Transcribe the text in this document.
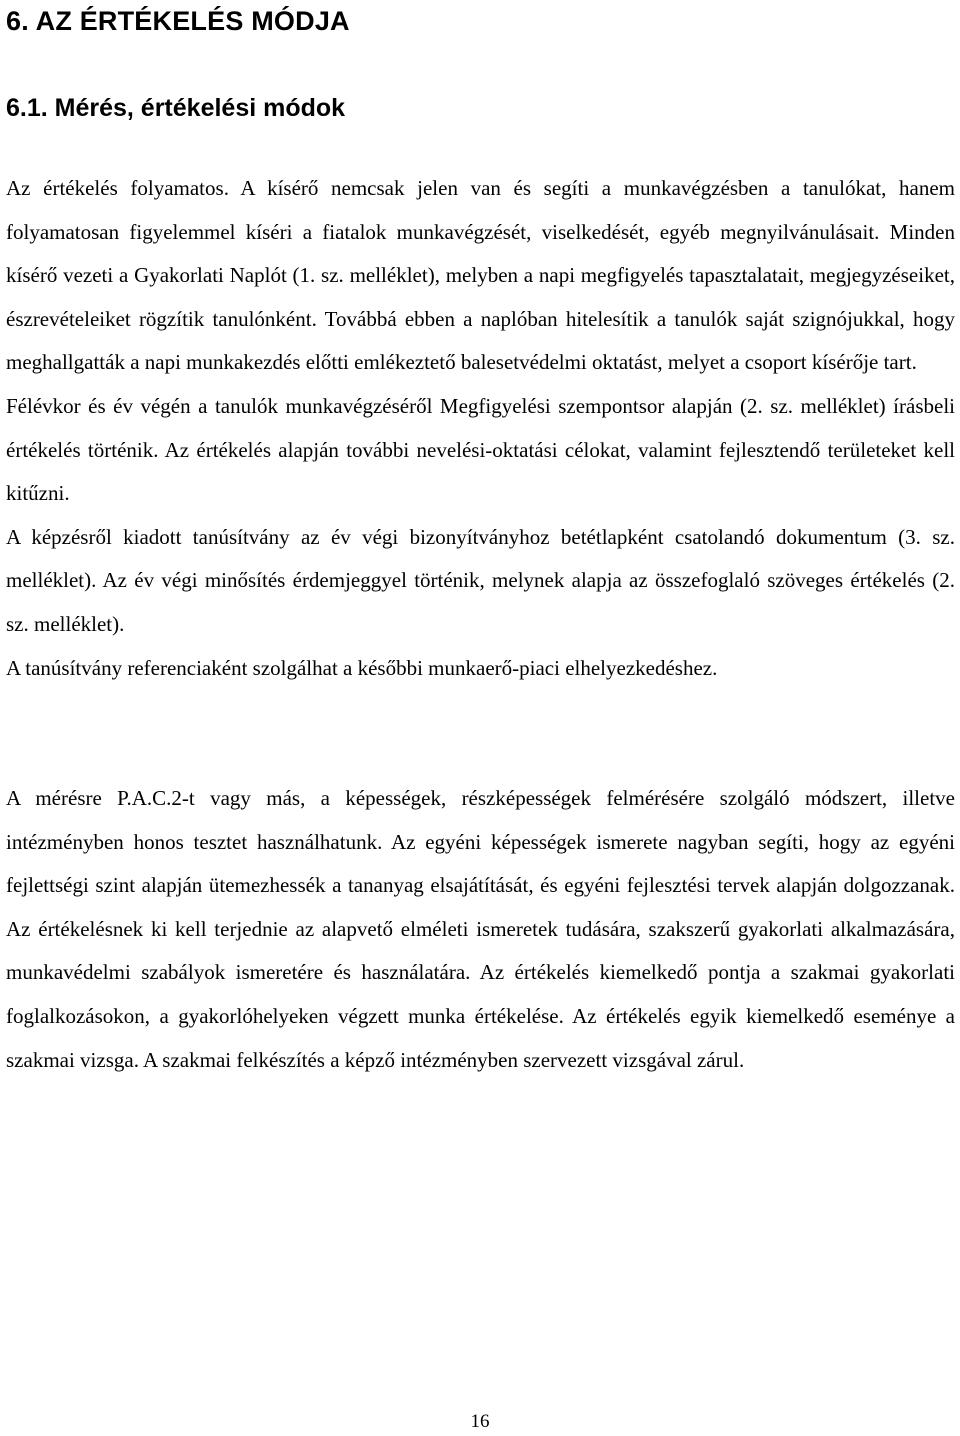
6. AZ ÉRTÉKELÉS MÓDJA
6.1. Mérés, értékelési módok

Az értékelés folyamatos. A kísérő nemcsak jelen van és segíti a munkavégzésben a tanulókat, hanem folyamatosan figyelemmel kíséri a fiatalok munkavégzését, viselkedését, egyéb megnyilvánulásait. Minden kísérő vezeti a Gyakorlati Naplót (1. sz. melléklet), melyben a napi megfigyelés tapasztalatait, megjegyzéseiket, észrevételeiket rögzítik tanulónként. Továbbá ebben a naplóban hitelesítik a tanulók saját szignójukkal, hogy meghallgatták a napi munkakezdés előtti emlékeztető balesetvédelmi oktatást, melyet a csoport kísérője tart.

Félévkor és év végén a tanulók munkavégzéséről Megfigyelési szempontsor alapján (2. sz. melléklet) írásbeli értékelés történik. Az értékelés alapján további nevelési-oktatási célokat, valamint fejlesztendő területeket kell kitűzni.

A képzésről kiadott tanúsítvány az év végi bizonyítványhoz betétlapként csatolandó dokumentum (3. sz. melléklet). Az év végi minősítés érdemjeggyel történik, melynek alapja az összefoglaló szöveges értékelés (2. sz. melléklet).

A tanúsítvány referenciaként szolgálhat a későbbi munkaerő-piaci elhelyezkedéshez.

A mérésre P.A.C.2-t vagy más, a képességek, részképességek felmérésére szolgáló módszert, illetve intézményben honos tesztet használhatunk. Az egyéni képességek ismerete nagyban segíti, hogy az egyéni fejlettségi szint alapján ütemezhessék a tananyag elsajátítását, és egyéni fejlesztési tervek alapján dolgozzanak. Az értékelésnek ki kell terjednie az alapvető elméleti ismeretek tudására, szakszerű gyakorlati alkalmazására, munkavédelmi szabályok ismeretére és használatára. Az értékelés kiemelkedő pontja a szakmai gyakorlati foglalkozásokon, a gyakorlóhelyeken végzett munka értékelése. Az értékelés egyik kiemelkedő eseménye a szakmai vizsga. A szakmai felkészítés a képző intézményben szervezett vizsgával zárul.

16
